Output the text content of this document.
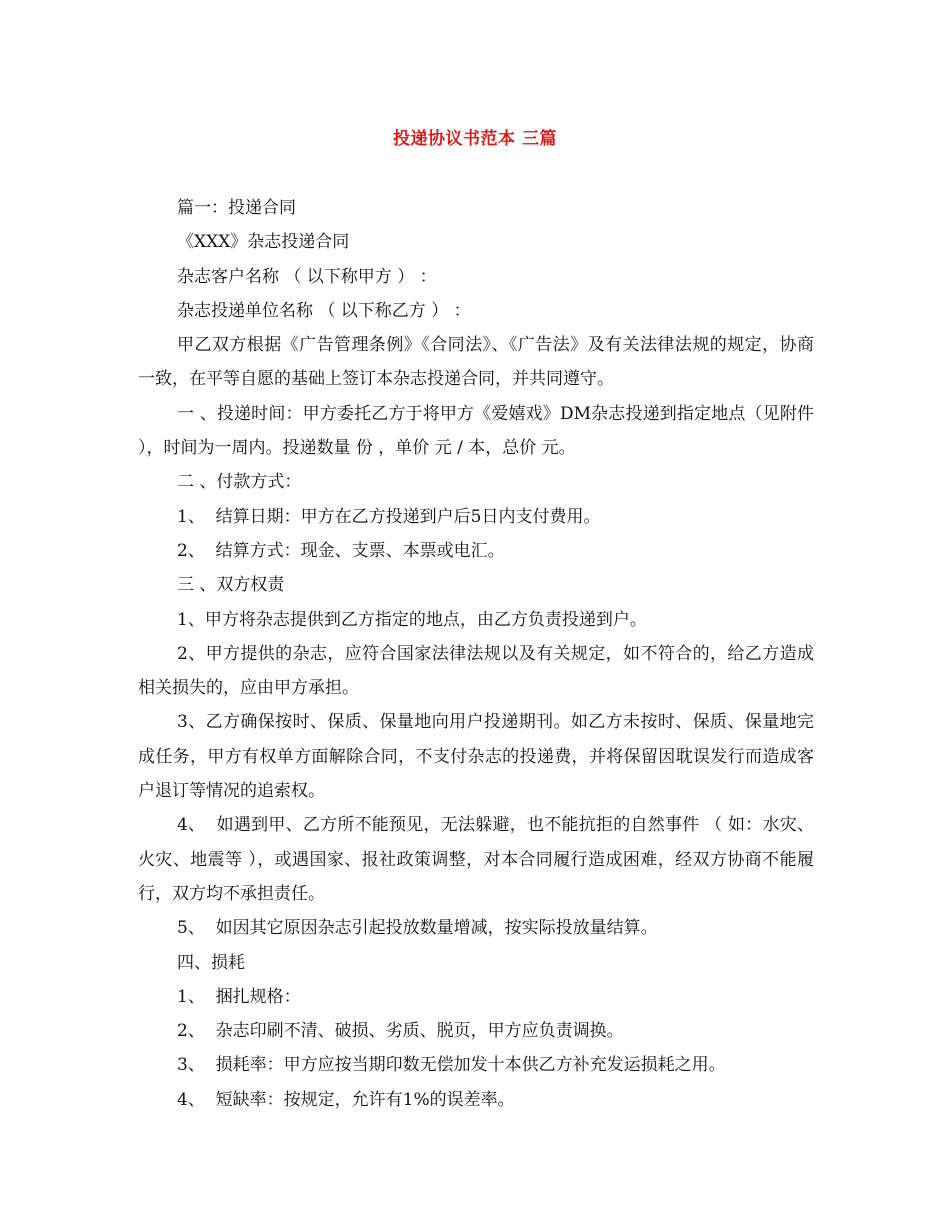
投递协议书范本 三篇

篇一：投递合同

《XXX》杂志投递合同

杂志客户名称 （ 以下称甲方 ） ：

杂志投递单位名称 （ 以下称乙方 ） ：

甲乙双方根据《广告管理条例》《合同法》、《广告法》及有关法律法规的规定，协商一致，在平等自愿的基础上签订本杂志投递合同，并共同遵守。

一 、投递时间：甲方委托乙方于将甲方《爱嬉戏》DM杂志投递到指定地点（见附件 ），时间为一周内。投递数量 份 ，单价 元 / 本，总价 元。

二 、付款方式：

1、  结算日期：甲方在乙方投递到户后5日内支付费用。

2、  结算方式：现金、支票、本票或电汇。

三 、双方权责

1、甲方将杂志提供到乙方指定的地点，由乙方负责投递到户。

2、甲方提供的杂志，应符合国家法律法规以及有关规定，如不符合的，给乙方造成相关损失的，应由甲方承担。

3、乙方确保按时、保质、保量地向用户投递期刊。如乙方未按时、保质、保量地完成任务，甲方有权单方面解除合同，不支付杂志的投递费，并将保留因耽误发行而造成客户退订等情况的追索权。

4、  如遇到甲、乙方所不能预见，无法躲避，也不能抗拒的自然事件 （ 如：水灾、火灾、地震等 ），或遇国家、报社政策调整，对本合同履行造成困难，经双方协商不能履行，双方均不承担责任。

5、  如因其它原因杂志引起投放数量增减，按实际投放量结算。

四、损耗

1、  捆扎规格：

2、  杂志印刷不清、破损、劣质、脱页，甲方应负责调换。

3、  损耗率：甲方应按当期印数无偿加发十本供乙方补充发运损耗之用。

4、  短缺率：按规定，允许有1%的误差率。
